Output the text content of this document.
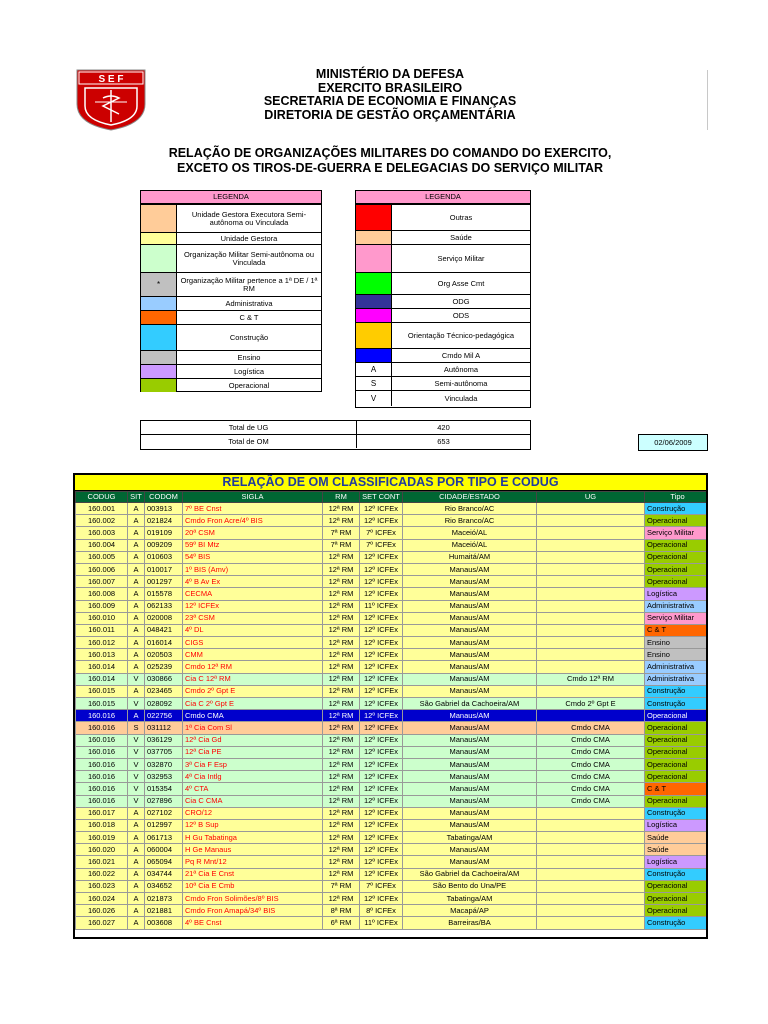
S E F	MINISTÉRIO DA DEFESA
EXERCITO BRASILEIRO
SECRETARIA DE ECONOMIA E FINANÇAS
DIRETORIA DE GESTÃO ORÇAMENTÁRIA
RELAÇÃO DE ORGANIZAÇÕES MILITARES DO COMANDO DO EXERCITO,
EXCETO OS TIROS-DE-GUERRA E DELEGACIAS DO SERVIÇO MILITAR
LEGENDA
Unidade Gestora Executora Semi-autônoma ou Vinculada
Unidade Gestora
Organização Militar Semi-autônoma ou Vinculada
*	Organização Militar pertence a 1ª DE / 1ª RM
Administrativa
C & T
Construção
Ensino
Logística
Operacional
LEGENDA
Outras
Saúde
Serviço Militar
Org Asse Cmt
ODG
ODS
Orientação Técnico-pedagógica
Cmdo Mil A
A	Autônoma
S	Semi-autônoma
V	Vinculada
Total de UG	420
Total de OM	653	02/06/2009
RELAÇÃO DE OM CLASSIFICADAS POR TIPO E CODUG
CODUG	SIT	CODOM	SIGLA	RM	SET CONT	CIDADE/ESTADO	UG	Tipo
160.001	A	003913	7º BE Cnst	12ª RM	12º ICFEx	Rio Branco/AC		Construção
160.002	A	021824	Cmdo Fron Acre/4º BIS	12ª RM	12º ICFEx	Rio Branco/AC		Operacional
160.003	A	019109	20ª CSM	7ª RM	7º ICFEx	Maceió/AL		Serviço Militar
160.004	A	009209	59º BI Mtz	7ª RM	7º ICFEx	Maceió/AL		Operacional
160.005	A	010603	54º BIS	12ª RM	12º ICFEx	Humaitá/AM		Operacional
160.006	A	010017	1º BIS (Amv)	12ª RM	12º ICFEx	Manaus/AM		Operacional
160.007	A	001297	4º B Av Ex	12ª RM	12º ICFEx	Manaus/AM		Operacional
160.008	A	015578	CECMA	12ª RM	12º ICFEx	Manaus/AM		Logística
160.009	A	062133	12º ICFEx	12ª RM	11º ICFEx	Manaus/AM		Administrativa
160.010	A	020008	23ª CSM	12ª RM	12º ICFEx	Manaus/AM		Serviço Militar
160.011	A	048421	4º DL	12ª RM	12º ICFEx	Manaus/AM		C & T
160.012	A	016014	CIGS	12ª RM	12º ICFEx	Manaus/AM		Ensino
160.013	A	020503	CMM	12ª RM	12º ICFEx	Manaus/AM		Ensino
160.014	A	025239	Cmdo 12ª RM	12ª RM	12º ICFEx	Manaus/AM		Administrativa
160.014	V	030866	Cia C 12ª RM	12ª RM	12º ICFEx	Manaus/AM	Cmdo 12ª RM	Administrativa
160.015	A	023465	Cmdo 2º Gpt E	12ª RM	12º ICFEx	Manaus/AM		Construção
160.015	V	028092	Cia C 2º Gpt E	12ª RM	12º ICFEx	São Gabriel da Cachoeira/AM	Cmdo 2º Gpt E	Construção
160.016	A	022756	Cmdo CMA	12ª RM	12º ICFEx	Manaus/AM		Operacional
160.016	S	031112	1ª Cia Com Sl	12ª RM	12º ICFEx	Manaus/AM	Cmdo CMA	Operacional
160.016	V	036129	12ª Cia Gd	12ª RM	12º ICFEx	Manaus/AM	Cmdo CMA	Operacional
160.016	V	037705	12ª Cia PE	12ª RM	12º ICFEx	Manaus/AM	Cmdo CMA	Operacional
160.016	V	032870	3ª Cia F Esp	12ª RM	12º ICFEx	Manaus/AM	Cmdo CMA	Operacional
160.016	V	032953	4ª Cia Intlg	12ª RM	12º ICFEx	Manaus/AM	Cmdo CMA	Operacional
160.016	V	015354	4º CTA	12ª RM	12º ICFEx	Manaus/AM	Cmdo CMA	C & T
160.016	V	027896	Cia C CMA	12ª RM	12º ICFEx	Manaus/AM	Cmdo CMA	Operacional
160.017	A	027102	CRO/12	12ª RM	12º ICFEx	Manaus/AM		Construção
160.018	A	012997	12º B Sup	12ª RM	12º ICFEx	Manaus/AM		Logística
160.019	A	061713	H Gu Tabatinga	12ª RM	12º ICFEx	Tabatinga/AM		Saúde
160.020	A	060004	H Ge Manaus	12ª RM	12º ICFEx	Manaus/AM		Saúde
160.021	A	065094	Pq R Mnt/12	12ª RM	12º ICFEx	Manaus/AM		Logística
160.022	A	034744	21ª Cia E Cnst	12ª RM	12º ICFEx	São Gabriel da Cachoeira/AM		Construção
160.023	A	034652	10ª Cia E Cmb	7ª RM	7º ICFEx	São Bento do Una/PE		Operacional
160.024	A	021873	Cmdo Fron Solimões/8º BIS	12ª RM	12º ICFEx	Tabatinga/AM		Operacional
160.026	A	021881	Cmdo Fron Amapá/34º BIS	8ª RM	8º ICFEx	Macapá/AP		Operacional
160.027	A	003608	4º BE Cnst	6ª RM	11º ICFEx	Barreiras/BA		Construção
